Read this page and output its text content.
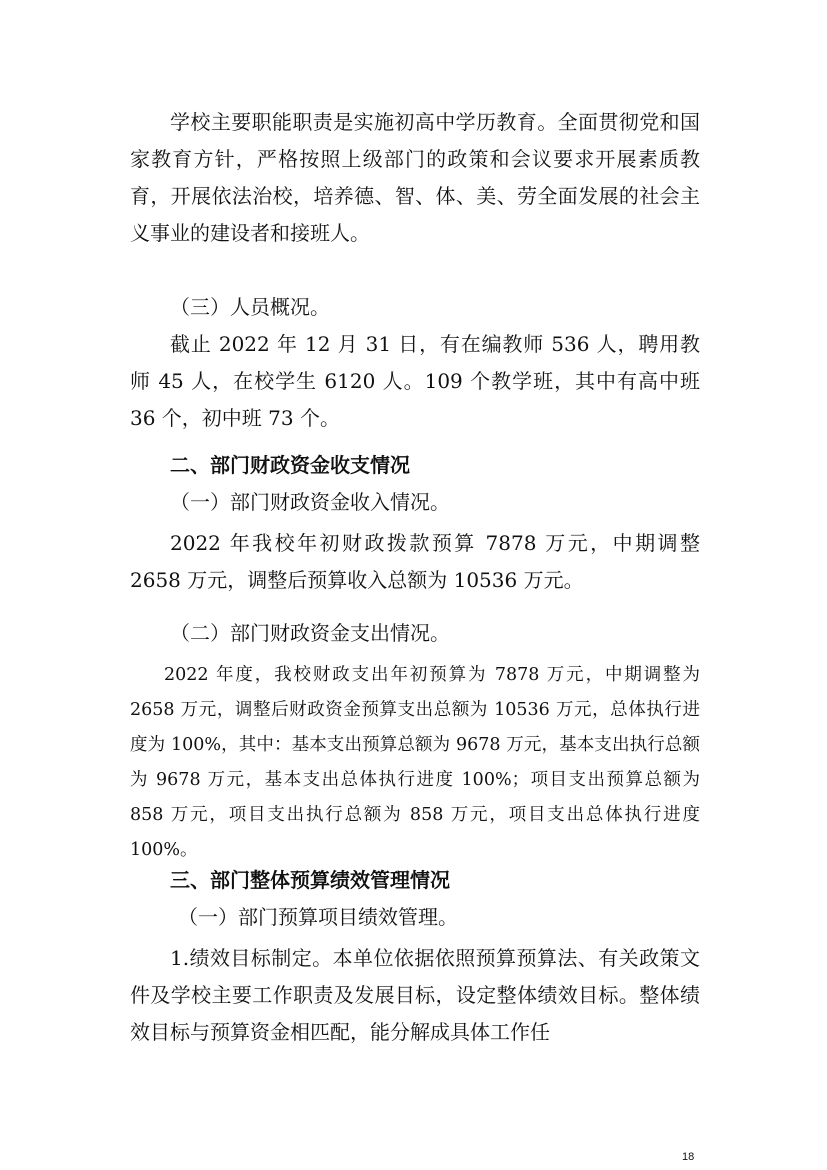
学校主要职能职责是实施初高中学历教育。全面贯彻党和国家教育方针，严格按照上级部门的政策和会议要求开展素质教育，开展依法治校，培养德、智、体、美、劳全面发展的社会主义事业的建设者和接班人。

（三）人员概况。

截止 2022 年 12 月 31 日，有在编教师 536 人，聘用教师 45 人，在校学生 6120 人。109 个教学班，其中有高中班 36 个，初中班 73 个。

二、部门财政资金收支情况

（一）部门财政资金收入情况。

2022 年我校年初财政拨款预算 7878 万元，中期调整 2658 万元，调整后预算收入总额为 10536 万元。

（二）部门财政资金支出情况。

2022 年度，我校财政支出年初预算为 7878 万元，中期调整为 2658 万元，调整后财政资金预算支出总额为 10536 万元，总体执行进度为 100%，其中：基本支出预算总额为 9678 万元，基本支出执行总额为 9678 万元，基本支出总体执行进度 100%；项目支出预算总额为 858 万元，项目支出执行总额为 858 万元，项目支出总体执行进度 100%。

三、部门整体预算绩效管理情况

（一）部门预算项目绩效管理。

1.绩效目标制定。本单位依据依照预算预算法、有关政策文件及学校主要工作职责及发展目标，设定整体绩效目标。整体绩效目标与预算资金相匹配，能分解成具体工作任

18
